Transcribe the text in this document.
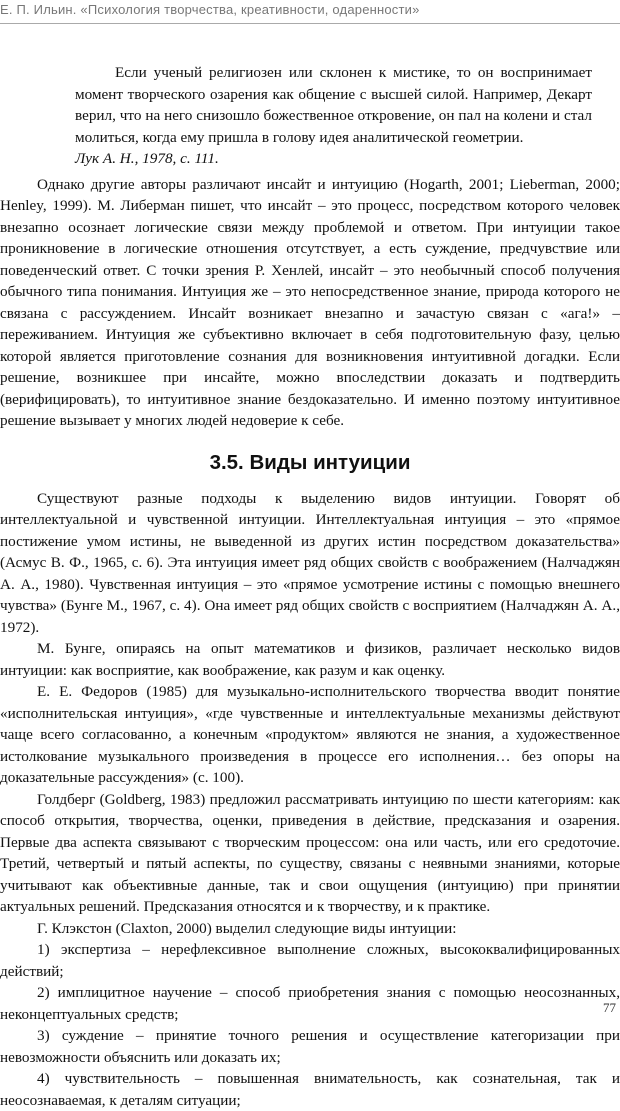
Е. П. Ильин. «Психология творчества, креативности, одаренности»

Если ученый религиозен или склонен к мистике, то он воспринимает момент творческого озарения как общение с высшей силой. Например, Декарт верил, что на него снизошло божественное откровение, он пал на колени и стал молиться, когда ему пришла в голову идея аналитической геометрии.

Лук А. Н., 1978, с. 111.

Однако другие авторы различают инсайт и интуицию (Hogarth, 2001; Lieberman, 2000; Henley, 1999). М. Либерман пишет, что инсайт – это процесс, посредством которого человек внезапно осознает логические связи между проблемой и ответом. При интуиции такое проникновение в логические отношения отсутствует, а есть суждение, предчувствие или поведенческий ответ. С точки зрения Р. Хенлей, инсайт – это необычный способ получения обычного типа понимания. Интуиция же – это непосредственное знание, природа которого не связана с рассуждением. Инсайт возникает внезапно и зачастую связан с «ага!» – переживанием. Интуиция же субъективно включает в себя подготовительную фазу, целью которой является приготовление сознания для возникновения интуитивной догадки. Если решение, возникшее при инсайте, можно впоследствии доказать и подтвердить (верифицировать), то интуитивное знание бездоказательно. И именно поэтому интуитивное решение вызывает у многих людей недоверие к себе.

3.5. Виды интуиции

Существуют разные подходы к выделению видов интуиции. Говорят об интеллектуальной и чувственной интуиции. Интеллектуальная интуиция – это «прямое постижение умом истины, не выведенной из других истин посредством доказательства» (Асмус В. Ф., 1965, с. 6). Эта интуиция имеет ряд общих свойств с воображением (Налчаджян А. А., 1980). Чувственная интуиция – это «прямое усмотрение истины с помощью внешнего чувства» (Бунге М., 1967, с. 4). Она имеет ряд общих свойств с восприятием (Налчаджян А. А., 1972).

М. Бунге, опираясь на опыт математиков и физиков, различает несколько видов интуиции: как восприятие, как воображение, как разум и как оценку.

Е. Е. Федоров (1985) для музыкально-исполнительского творчества вводит понятие «исполнительская интуиция», «где чувственные и интеллектуальные механизмы действуют чаще всего согласованно, а конечным «продуктом» являются не знания, а художественное истолкование музыкального произведения в процессе его исполнения… без опоры на доказательные рассуждения» (с. 100).

Голдберг (Goldberg, 1983) предложил рассматривать интуицию по шести категориям: как способ открытия, творчества, оценки, приведения в действие, предсказания и озарения. Первые два аспекта связывают с творческим процессом: она или часть, или его средоточие. Третий, четвертый и пятый аспекты, по существу, связаны с неявными знаниями, которые учитывают как объективные данные, так и свои ощущения (интуицию) при принятии актуальных решений. Предсказания относятся и к творчеству, и к практике.

Г. Клэкстон (Claxton, 2000) выделил следующие виды интуиции:

1) экспертиза – нерефлексивное выполнение сложных, высококвалифицированных действий;

2) имплицитное научение – способ приобретения знания с помощью неосознанных, неконцептуальных средств;

3) суждение – принятие точного решения и осуществление категоризации при невозможности объяснить или доказать их;

4) чувствительность – повышенная внимательность, как сознательная, так и неосознаваемая, к деталям ситуации;

77
